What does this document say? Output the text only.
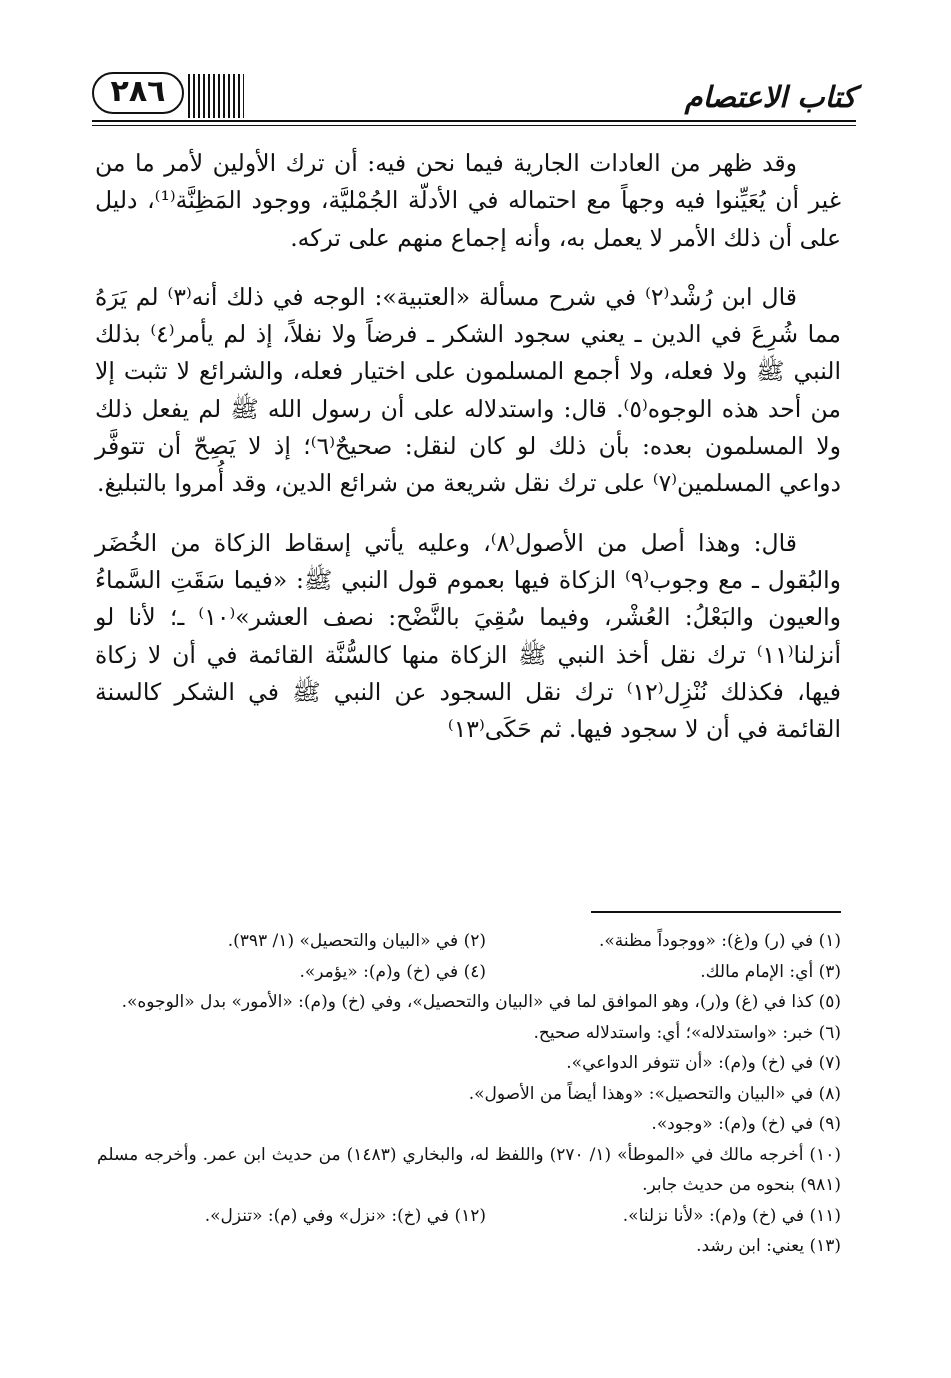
كتاب الاعتصام
٢٨٦

وقد ظهر من العادات الجارية فيما نحن فيه: أن ترك الأولين لأمر ما من غير أن يُعَيِّنوا فيه وجهاً مع احتماله في الأدلّة الجُمْليَّة، ووجود المَظِنَّة⁽¹⁾، دليل على أن ذلك الأمر لا يعمل به، وأنه إجماع منهم على تركه.

قال ابن رُشْد⁽٢⁾ في شرح مسألة «العتبية»: الوجه في ذلك أنه⁽٣⁾ لم يَرَهُ مما شُرِعَ في الدين ـ يعني سجود الشكر ـ فرضاً ولا نفلاً، إذ لم يأمر⁽٤⁾ بذلك النبي ﷺ ولا فعله، ولا أجمع المسلمون على اختيار فعله، والشرائع لا تثبت إلا من أحد هذه الوجوه⁽٥⁾. قال: واستدلاله على أن رسول الله ﷺ لم يفعل ذلك ولا المسلمون بعده: بأن ذلك لو كان لنقل: صحيحٌ⁽٦⁾؛ إذ لا يَصِحّ أن تتوفَّر دواعي المسلمين⁽٧⁾ على ترك نقل شريعة من شرائع الدين، وقد أُمروا بالتبليغ.

قال: وهذا أصل من الأصول⁽٨⁾، وعليه يأتي إسقاط الزكاة من الخُضَر والبُقول ـ مع وجوب⁽٩⁾ الزكاة فيها بعموم قول النبي ﷺ: «فيما سَقَتِ السَّماءُ والعيون والبَعْلُ: العُشْر، وفيما سُقِيَ بالنَّضْح: نصف العشر»⁽١٠⁾ ـ؛ لأنا لو أنزلنا⁽١١⁾ ترك نقل أخذ النبي ﷺ الزكاة منها كالسُّنَّة القائمة في أن لا زكاة فيها، فكذلك نُنْزِل⁽١٢⁾ ترك نقل السجود عن النبي ﷺ في الشكر كالسنة القائمة في أن لا سجود فيها. ثم حَكَى⁽١٣⁾

(١) في (ر) و(غ): «ووجوداً مظنة».
(٢) في «البيان والتحصيل» (١/ ٣٩٣).
(٣) أي: الإمام مالك.
(٤) في (خ) و(م): «يؤمر».
(٥) كذا في (غ) و(ر)، وهو الموافق لما في «البيان والتحصيل»، وفي (خ) و(م): «الأمور» بدل «الوجوه».
(٦) خبر: «واستدلاله»؛ أي: واستدلاله صحيح.
(٧) في (خ) و(م): «أن تتوفر الدواعي».
(٨) في «البيان والتحصيل»: «وهذا أيضاً من الأصول».
(٩) في (خ) و(م): «وجود».
(١٠) أخرجه مالك في «الموطأ» (١/ ٢٧٠) واللفظ له، والبخاري (١٤٨٣) من حديث ابن عمر. وأخرجه مسلم (٩٨١) بنحوه من حديث جابر.
(١١) في (خ) و(م): «لأنا نزلنا».
(١٢) في (خ): «نزل» وفي (م): «تنزل».
(١٣) يعني: ابن رشد.
